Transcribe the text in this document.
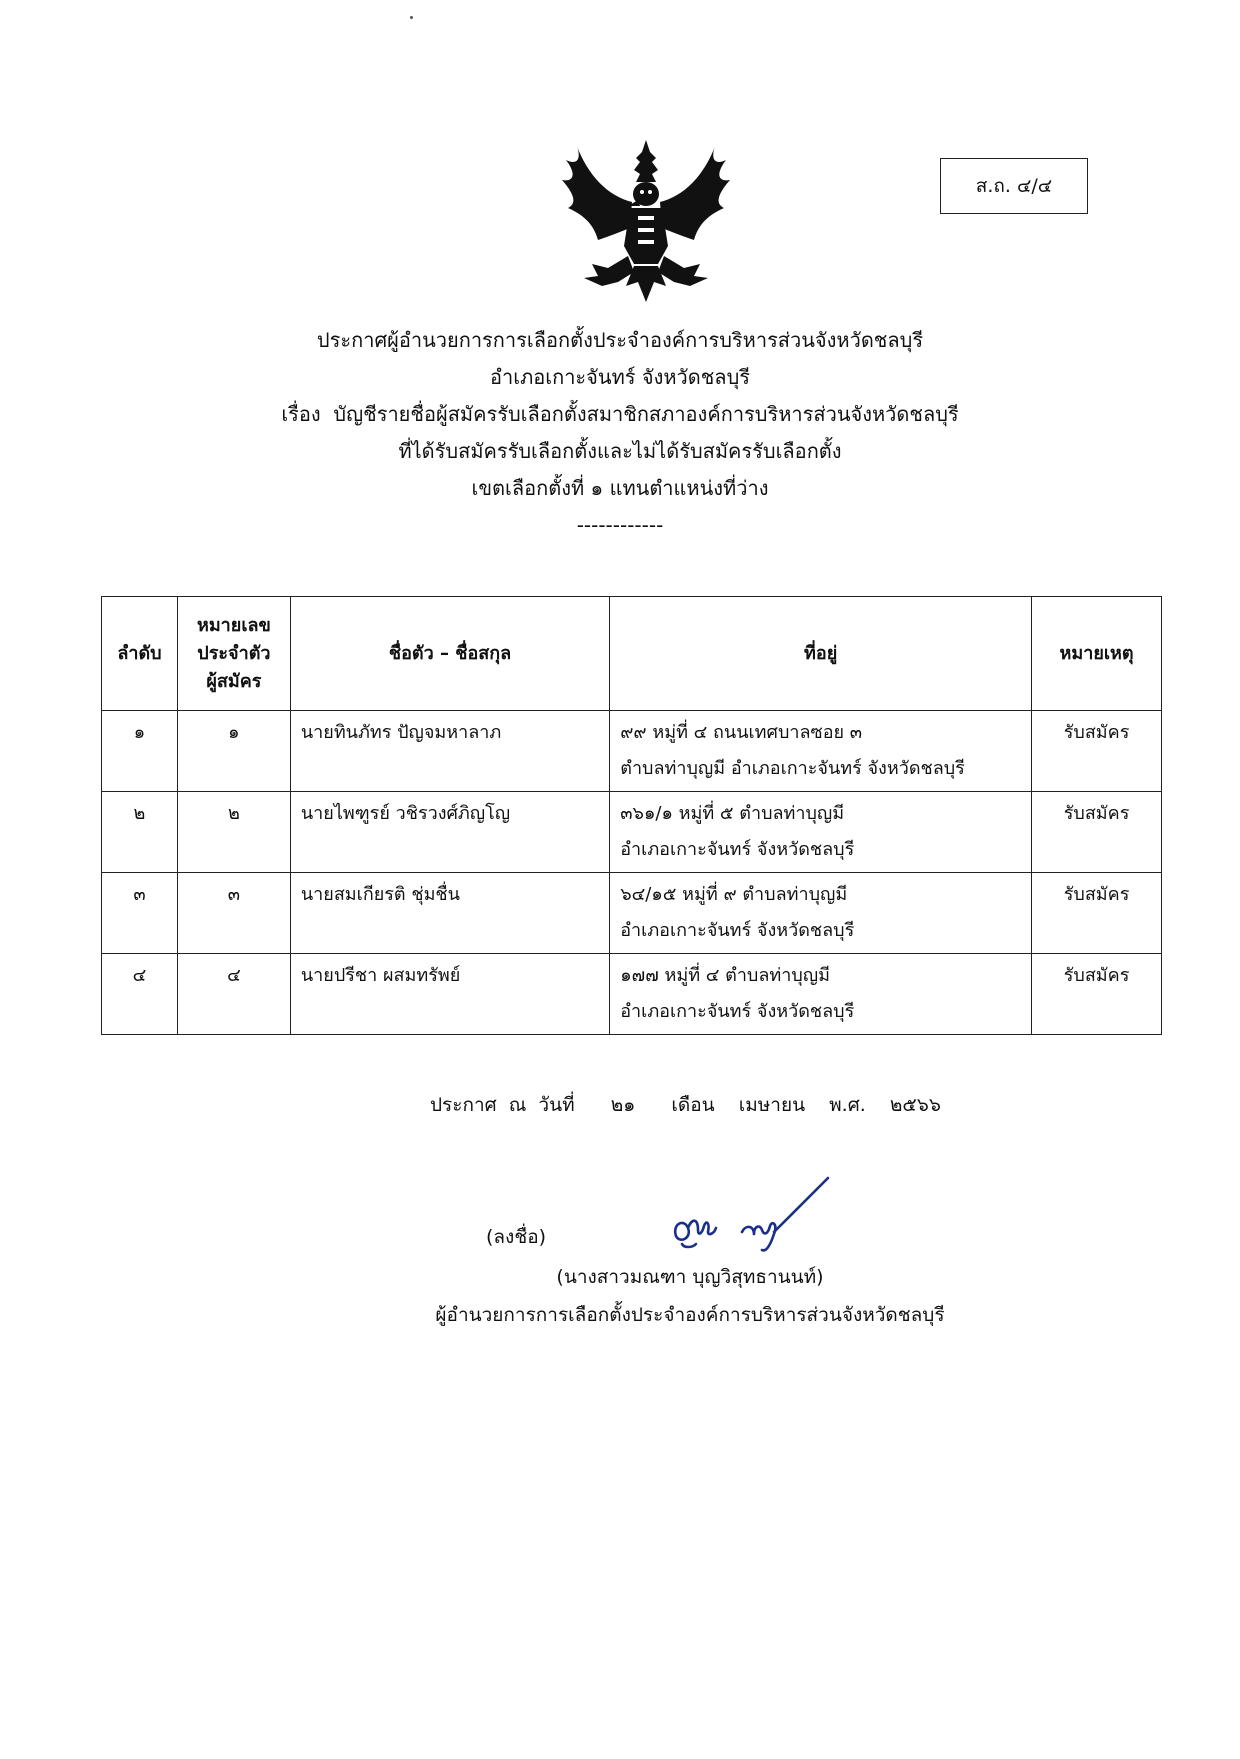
ส.ถ. ๔/๔
ประกาศผู้อำนวยการการเลือกตั้งประจำองค์การบริหารส่วนจังหวัดชลบุรี
อำเภอเกาะจันทร์ จังหวัดชลบุรี
เรื่อง  บัญชีรายชื่อผู้สมัครรับเลือกตั้งสมาชิกสภาองค์การบริหารส่วนจังหวัดชลบุรี
ที่ได้รับสมัครรับเลือกตั้งและไม่ได้รับสมัครรับเลือกตั้ง
เขตเลือกตั้งที่ ๑ แทนตำแหน่งที่ว่าง
------------
ลำดับ	หมายเลข
ประจำตัว
ผู้สมัคร	ชื่อตัว – ชื่อสกุล	ที่อยู่	หมายเหตุ
๑	๑	นายทินภัทร ปัญจมหาลาภ	๙๙ หมู่ที่ ๔ ถนนเทศบาลซอย ๓
ตำบลท่าบุญมี อำเภอเกาะจันทร์ จังหวัดชลบุรี	รับสมัคร
๒	๒	นายไพฑูรย์ วชิรวงศ์ภิญโญ	๓๖๑/๑ หมู่ที่ ๕ ตำบลท่าบุญมี
อำเภอเกาะจันทร์ จังหวัดชลบุรี	รับสมัคร
๓	๓	นายสมเกียรติ ชุ่มชื่น	๖๔/๑๕ หมู่ที่ ๙ ตำบลท่าบุญมี
อำเภอเกาะจันทร์ จังหวัดชลบุรี	รับสมัคร
๔	๔	นายปรีชา ผสมทรัพย์	๑๗๗ หมู่ที่ ๔ ตำบลท่าบุญมี
อำเภอเกาะจันทร์ จังหวัดชลบุรี	รับสมัคร
ประกาศ ณ วันที่   ๒๑   เดือน  เมษายน  พ.ศ.  ๒๕๖๖
(ลงชื่อ)
(นางสาวมณฑา บุญวิสุทธานนท์)
ผู้อำนวยการการเลือกตั้งประจำองค์การบริหารส่วนจังหวัดชลบุรี
